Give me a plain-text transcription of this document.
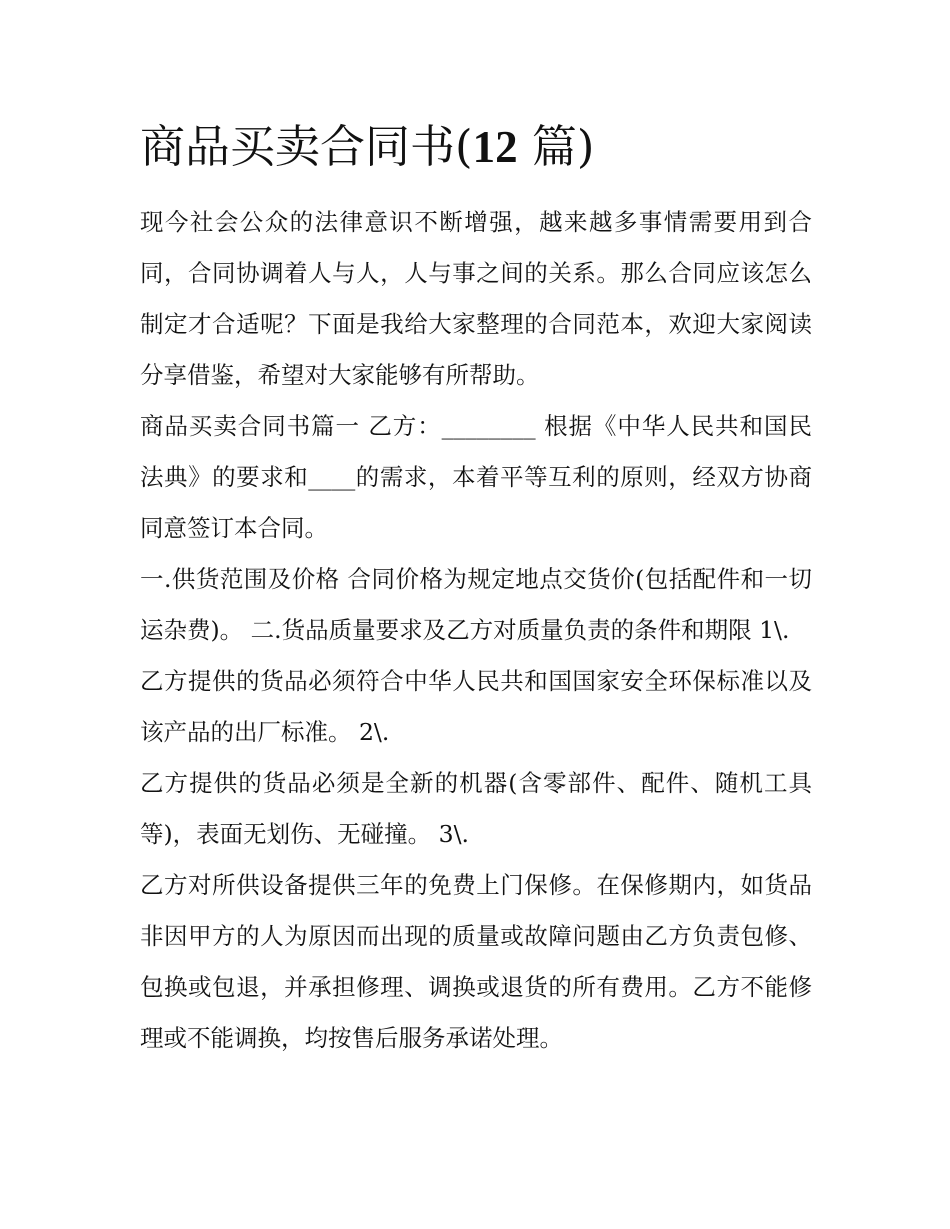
商品买卖合同书(12 篇)

现今社会公众的法律意识不断增强，越来越多事情需要用到合同，合同协调着人与人，人与事之间的关系。那么合同应该怎么制定才合适呢？下面是我给大家整理的合同范本，欢迎大家阅读分享借鉴，希望对大家能够有所帮助。

商品买卖合同书篇一 乙方：________ 根据《中华人民共和国民法典》的要求和____的需求，本着平等互利的原则，经双方协商同意签订本合同。

一.供货范围及价格 合同价格为规定地点交货价(包括配件和一切运杂费)。 二.货品质量要求及乙方对质量负责的条件和期限 1\.

乙方提供的货品必须符合中华人民共和国国家安全环保标准以及该产品的出厂标准。 2\.

乙方提供的货品必须是全新的机器(含零部件、配件、随机工具等)，表面无划伤、无碰撞。 3\.

乙方对所供设备提供三年的免费上门保修。在保修期内，如货品非因甲方的人为原因而出现的质量或故障问题由乙方负责包修、包换或包退，并承担修理、调换或退货的所有费用。乙方不能修理或不能调换，均按售后服务承诺处理。
